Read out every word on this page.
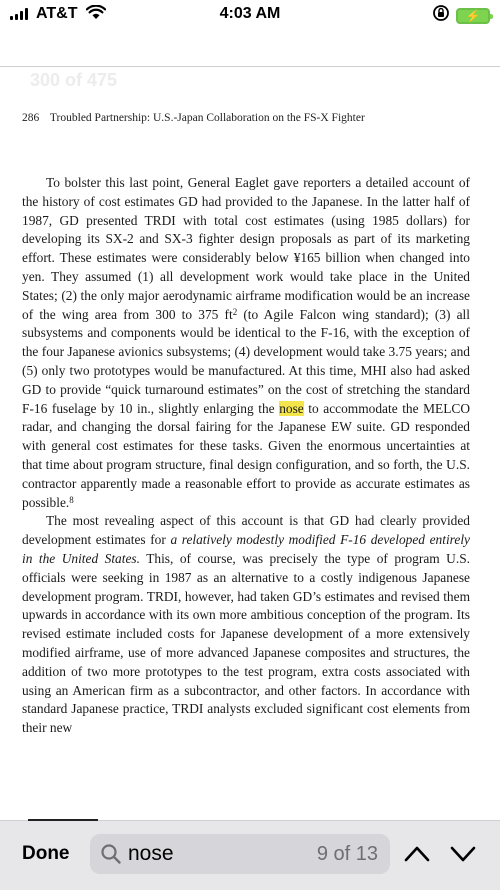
AT&T	4:03 AM	⚡
300 of 475
286 Troubled Partnership: U.S.-Japan Collaboration on the FS-X Fighter

To bolster this last point, General Eaglet gave reporters a detailed account of the history of cost estimates GD had provided to the Japanese. In the latter half of 1987, GD presented TRDI with total cost estimates (using 1985 dollars) for developing its SX-2 and SX-3 fighter design proposals as part of its marketing effort. These estimates were considerably below ¥165 billion when changed into yen. They assumed (1) all development work would take place in the United States; (2) the only major aerodynamic airframe modification would be an increase of the wing area from 300 to 375 $ft^2$ (to Agile Falcon wing standard); (3) all subsystems and components would be identical to the F-16, with the exception of the four Japanese avionics subsystems; (4) development would take 3.75 years; and (5) only two prototypes would be manufactured. At this time, MHI also had asked GD to provide “quick turnaround estimates” on the cost of stretching the standard F-16 fuselage by 10 in., slightly enlarging the nose to accommodate the MELCO radar, and changing the dorsal fairing for the Japanese EW suite. GD responded with general cost estimates for these tasks. Given the enormous uncertainties at that time about program structure, final design configuration, and so forth, the U.S. contractor apparently made a reasonable effort to provide as accurate estimates as possible.$^8$

The most revealing aspect of this account is that GD had clearly provided development estimates for a relatively modestly modified F-16 developed entirely in the United States. This, of course, was precisely the type of program U.S. officials were seeking in 1987 as an alternative to a costly indigenous Japanese development program. TRDI, however, had taken GD’s estimates and revised them upwards in accordance with its own more ambitious conception of the program. Its revised estimate included costs for Japanese development of a more extensively modified airframe, use of more advanced Japanese composites and structures, the addition of two more prototypes to the test program, extra costs associated with using an American firm as a subcontractor, and other factors. In accordance with standard Japanese practice, TRDI analysts excluded significant cost elements from their new

Done
nose	9 of 13
